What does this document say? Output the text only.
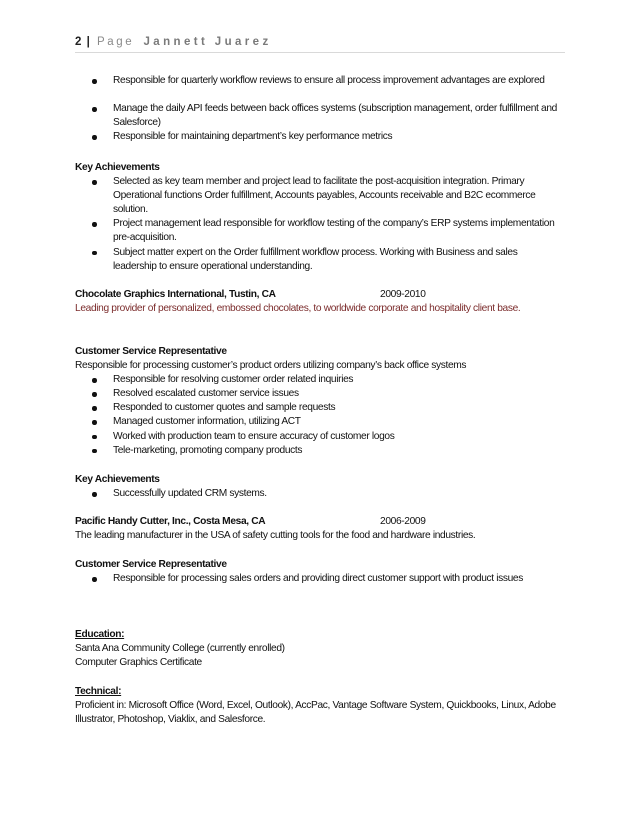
2 | Page Jannett Juarez
Responsible for quarterly workflow reviews to ensure all process improvement advantages are explored
Manage the daily API feeds between back offices systems (subscription management, order fulfillment and Salesforce)
Responsible for maintaining department’s key performance metrics
Key Achievements
Selected as key team member and project lead to facilitate the post-acquisition integration. Primary Operational functions Order fulfillment, Accounts payables, Accounts receivable and B2C ecommerce solution.
Project management lead responsible for workflow testing of the company’s ERP systems implementation pre-acquisition.
Subject matter expert on the Order fulfillment workflow process. Working with Business and sales leadership to ensure operational understanding.
Chocolate Graphics International, Tustin, CA	2009-2010
Leading provider of personalized, embossed chocolates, to worldwide corporate and hospitality client base.
Customer Service Representative
Responsible for processing customer’s product orders utilizing company’s back office systems
Responsible for resolving customer order related inquiries
Resolved escalated customer service issues
Responded to customer quotes and sample requests
Managed customer information, utilizing ACT
Worked with production team to ensure accuracy of customer logos
Tele-marketing, promoting company products
Key Achievements
Successfully updated CRM systems.
Pacific Handy Cutter, Inc., Costa Mesa, CA	2006-2009
The leading manufacturer in the USA of safety cutting tools for the food and hardware industries.
Customer Service Representative
Responsible for processing sales orders and providing direct customer support with product issues
Education:
Santa Ana Community College (currently enrolled)
Computer Graphics Certificate
Technical:
Proficient in: Microsoft Office (Word, Excel, Outlook), AccPac, Vantage Software System, Quickbooks, Linux, Adobe Illustrator, Photoshop, Viaklix, and Salesforce.
